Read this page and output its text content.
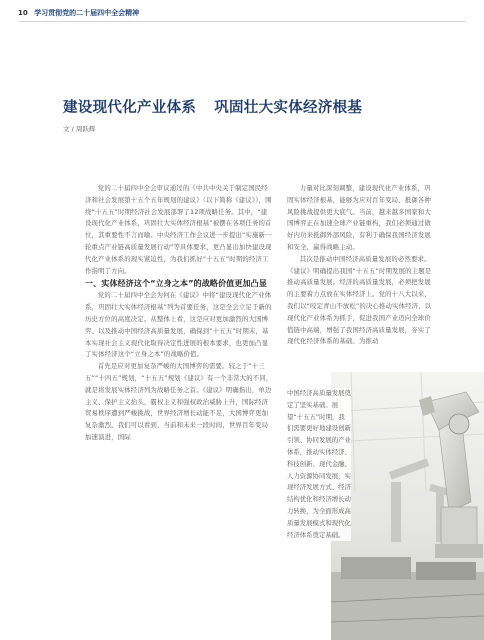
10 学习贯彻党的二十届四中全会精神
建设现代化产业体系 巩固壮大实体经济根基
文 / 周跃辉

党的二十届四中全会审议通过的《中共中央关于制定国民经济和社会发展第十五个五年规划的建议》（以下简称《建议》），围绕“十五五”时期经济社会发展部署了12项战略任务。其中，“建设现代化产业体系，巩固壮大实体经济根基”被摆在各项任务的首位，其重要性不言而喻。中央经济工作会议进一步提出“实施新一轮重点产业链高质量发展行动”等具体要求，更凸显出加快建设现代化产业体系的现实紧迫性，为我们抓好“十五五”时期的经济工作指明了方向。

一、实体经济这个“立身之本”的战略价值更加凸显

党的二十届四中全会为何在《建议》中将“建设现代化产业体系，巩固壮大实体经济根基”列为首要任务，这是全会立足于新的历史方位的高度决定。从整体上看，这是应对更加激烈的大国博弈、以及推动中国经济高质量发展，确保到“十五五”时期末，基本实现社会主义现代化取得决定性进展的根本要求，也更加凸显了实体经济这个“立身之本”的战略价值。

首先是应对更加复杂严峻的大国博弈的需要。较之于“十三五”“十四五”规划，“十五五”规划《建议》有一个非常大的不同，就是将发展实体经济列为战略任务之首。《建议》明确指出，单边主义、保护主义抬头，霸权主义和强权政治威胁上升，国际经济贸易秩序遭到严峻挑战，世界经济增长动能不足，大国博弈更加复杂激烈。我们可以看到，当前和未来一段时间，世界百年变局加速演进，国际

力量对比深刻调整，建设现代化产业体系，巩固实体经济根基，能够为应对百年变局、抵御各种风险挑战提供更大底气。当前，越来越多国家和大国博弈正在加速全球产业链重构，我们必须通过做好内功来抵御外部风险，有利于确保我国经济发展和安全，赢得战略主动。

其次是推动中国经济高质量发展的必然要求。《建议》明确提出我国“十五五”时期发展的主题是推动高质量发展。经济的高质量发展，必须把发展的主要着力点放在实体经济上。党的十八大以来，我们以“咬定青山不放松”的决心推动实体经济，以现代化产业体系为抓手，促进我国产业迈向全球价值链中高端，增强了我国经济高质量发展，夯实了现代化经济体系的基础。为推动

中国经济高质量发展奠定了坚实基础。展望“十五五”时期，我们需要更好地建设创新引领、协同发展的产业体系，推动实体经济、科技创新、现代金融、人力资源协同发展，实现经济发展方式、经济结构优化和经济增长动力转换，为全面形成高质量发展模式和现代化经济体系奠定基础。
